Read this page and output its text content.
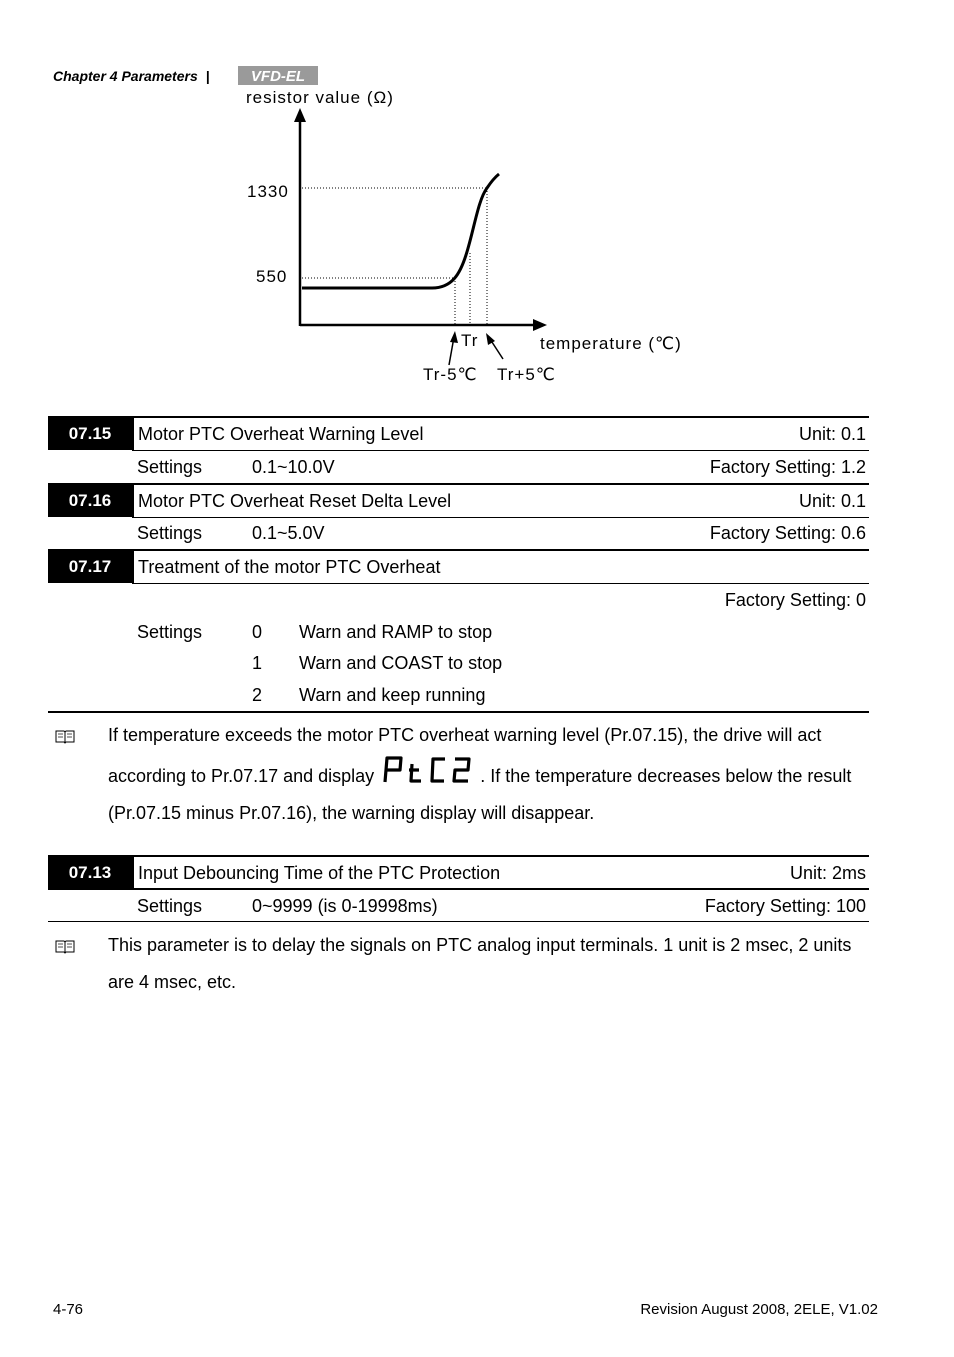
Chapter 4 Parameters |	VFD-EL
resistor value (Ω)
1330
550
temperature (℃)
Tr
Tr-5℃ Tr+5℃
07.15	Motor PTC Overheat Warning Level	Unit: 0.1
Settings	0.1~10.0V	Factory Setting: 1.2
07.16	Motor PTC Overheat Reset Delta Level	Unit: 0.1
Settings	0.1~5.0V	Factory Setting: 0.6
07.17	Treatment of the motor PTC Overheat
Factory Setting: 0
Settings	0 Warn and RAMP to stop
1 Warn and COAST to stop
2 Warn and keep running
If temperature exceeds the motor PTC overheat warning level (Pr.07.15), the drive will act
according to Pr.07.17 and display	. If the temperature decreases below the result
(Pr.07.15 minus Pr.07.16), the warning display will disappear.
07.13	Input Debouncing Time of the PTC Protection	Unit: 2ms
Settings	0~9999 (is 0-19998ms)	Factory Setting: 100
This parameter is to delay the signals on PTC analog input terminals. 1 unit is 2 msec, 2 units
are 4 msec, etc.
4-76	Revision August 2008, 2ELE, V1.02
